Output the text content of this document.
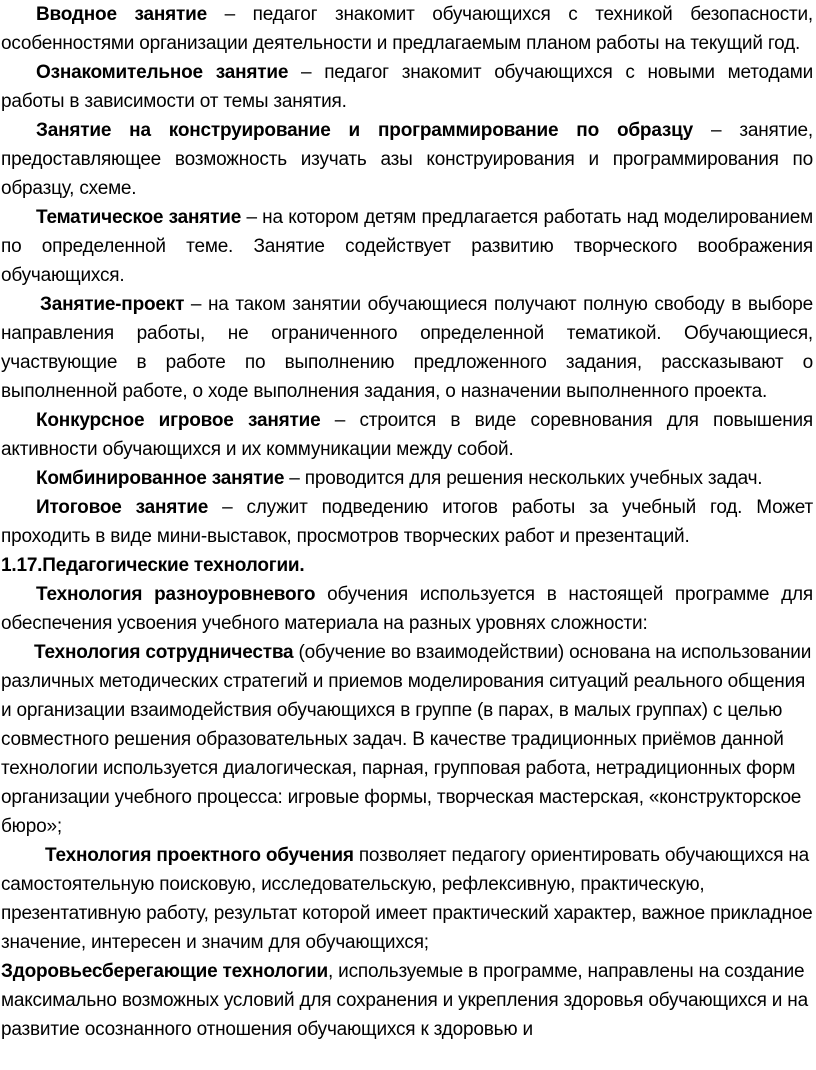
Вводное занятие – педагог знакомит обучающихся с техникой безопасности, особенностями организации деятельности и предлагаемым планом работы на текущий год.

Ознакомительное занятие – педагог знакомит обучающихся с новыми методами работы в зависимости от темы занятия.

Занятие на конструирование и программирование по образцу – занятие, предоставляющее возможность изучать азы конструирования и программирования по образцу, схеме.

Тематическое занятие – на котором детям предлагается работать над моделированием по определенной теме. Занятие содействует развитию творческого воображения обучающихся.

Занятие-проект – на таком занятии обучающиеся получают полную свободу в выборе направления работы, не ограниченного определенной тематикой. Обучающиеся, участвующие в работе по выполнению предложенного задания, рассказывают о выполненной работе, о ходе выполнения задания, о назначении выполненного проекта.

Конкурсное игровое занятие – строится в виде соревнования для повышения активности обучающихся и их коммуникации между собой.

Комбинированное занятие – проводится для решения нескольких учебных задач.

Итоговое занятие – служит подведению итогов работы за учебный год. Может проходить в виде мини-выставок, просмотров творческих работ и презентаций.

1.17.Педагогические технологии.

Технология разноуровневого обучения используется в настоящей программе для обеспечения усвоения учебного материала на разных уровнях сложности:

Технология сотрудничества (обучение во взаимодействии) основана на использовании различных методических стратегий и приемов моделирования ситуаций реального общения и организации взаимодействия обучающихся в группе (в парах, в малых группах) с целью совместного решения образовательных задач. В качестве традиционных приёмов данной технологии используется диалогическая, парная, групповая работа, нетрадиционных форм организации учебного процесса: игровые формы, творческая мастерская, «конструкторское бюро»;

Технология проектного обучения позволяет педагогу ориентировать обучающихся на самостоятельную поисковую, исследовательскую, рефлексивную, практическую, презентативную работу, результат которой имеет практический характер, важное прикладное значение, интересен и значим для обучающихся;

Здоровьесберегающие технологии, используемые в программе, направлены на создание максимально возможных условий для сохранения и укрепления здоровья обучающихся и на развитие осознанного отношения обучающихся к здоровью и
